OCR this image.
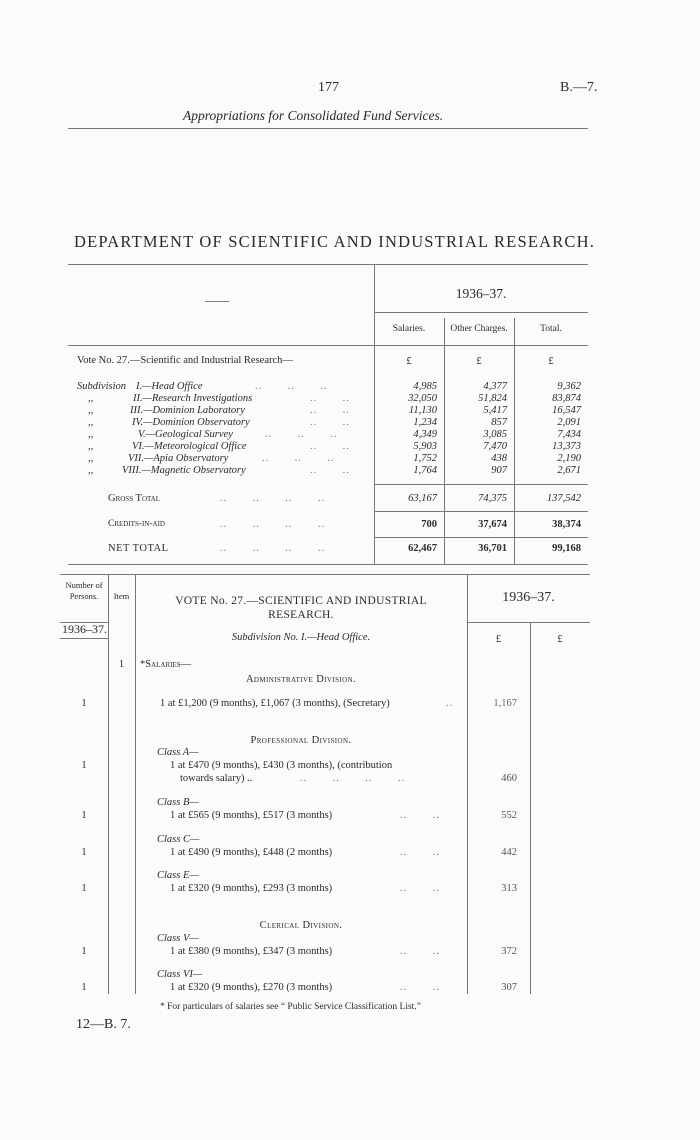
177	B.—7.
Appropriations for Consolidated Fund Services.
DEPARTMENT OF SCIENTIFIC AND INDUSTRIAL RESEARCH.
——	1936–37.
Salaries.	Other Charges.	Total.
Vote No. 27.—Scientific and Industrial Research—	£	£	£
Subdivision I.—Head Office	..       ..       ..	4,985	4,377	9,362
,,	II.—Research Investigations	..       ..	32,050	51,824	83,874
,,	III.—Dominion Laboratory	..       ..	11,130	5,417	16,547
,,	IV.—Dominion Observatory	..       ..	1,234	857	2,091
,,	V.—Geological Survey	..       ..       ..	4,349	3,085	7,434
,,	VI.—Meteorological Office	..       ..	5,903	7,470	13,373
,,	VII.—Apia Observatory	..       ..       ..	1,752	438	2,190
,,	VIII.—Magnetic Observatory	..       ..	1,764	907	2,671
Gross Total	..       ..       ..       ..	63,167	74,375	137,542
Credits-in-aid	..       ..       ..       ..	700	37,674	38,374
NET TOTAL	..       ..       ..       ..	62,467	36,701	99,168
Number of Persons.	Item	VOTE No. 27.—SCIENTIFIC AND INDUSTRIAL
RESEARCH.
1936–37.
1936–37.
Subdivision No. I.—Head Office.	£	£
1	*Salaries—
Administrative Division.
1	1 at £1,200 (9 months), £1,067 (3 months), (Secretary)	..	1,167
Professional Division.
Class A—
1	1 at £470 (9 months), £430 (3 months), (contribution
towards salary) ..	..       ..       ..       ..	460
Class B—
1	1 at £565 (9 months), £517 (3 months)	..       ..	552
Class C—
1	1 at £490 (9 months), £448 (2 months)	..       ..	442
Class E—
1	1 at £320 (9 months), £293 (3 months)	..       ..	313
Clerical Division.
Class V—
1	1 at £380 (9 months), £347 (3 months)	..       ..	372
Class VI—
1	1 at £320 (9 months), £270 (3 months)	..       ..	307
* For particulars of salaries see “ Public Service Classification List.”
12—B. 7.
